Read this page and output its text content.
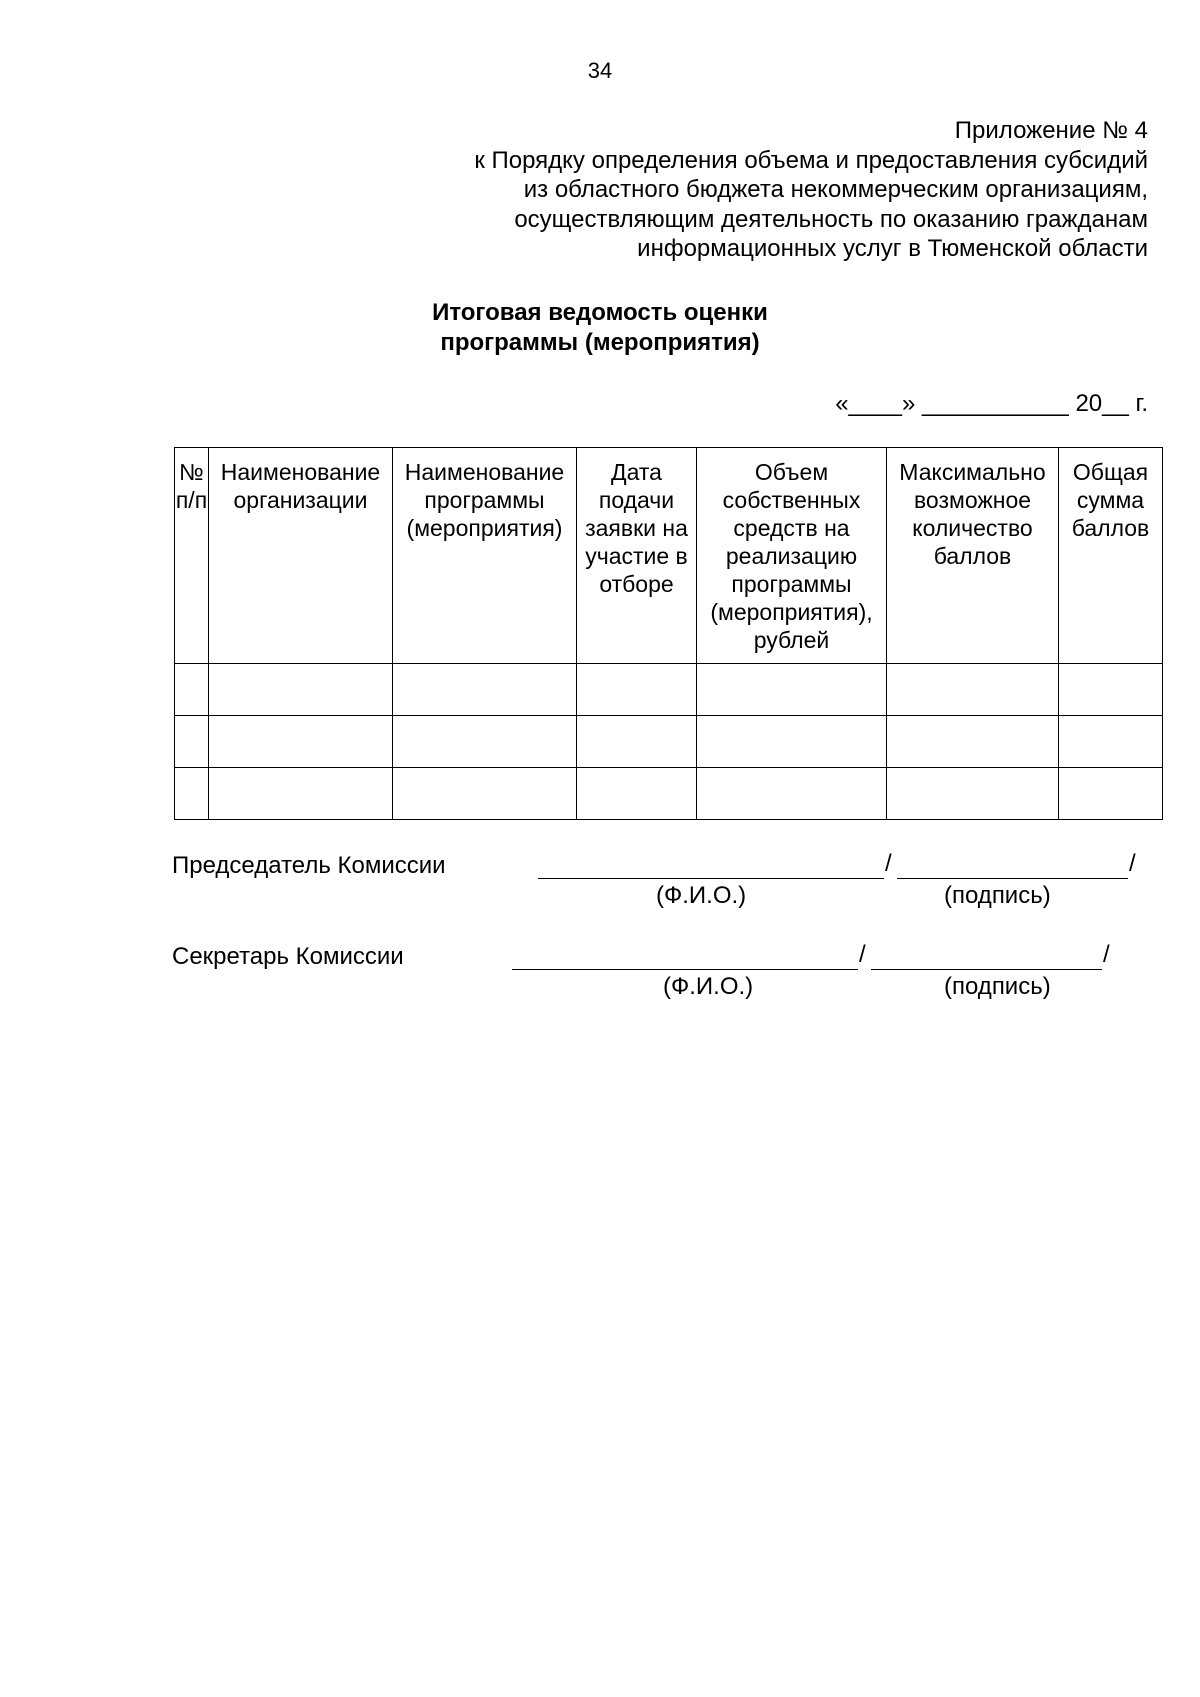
34
Приложение № 4
к Порядку определения объема и предоставления субсидий
из областного бюджета некоммерческим организациям,
осуществляющим деятельность по оказанию гражданам
информационных услуг в Тюменской области
Итоговая ведомость оценки
программы (мероприятия)
«____» ___________ 20__ г.
№ п/п	Наименование организации	Наименование программы (мероприятия)	Дата подачи заявки на участие в отборе	Объем собственных средств на реализацию программы (мероприятия), рублей	Максимально возможное количество баллов	Общая сумма баллов

Председатель Комиссии	/	/
(Ф.И.О.)	(подпись)
Секретарь Комиссии	/	/
(Ф.И.О.)	(подпись)
